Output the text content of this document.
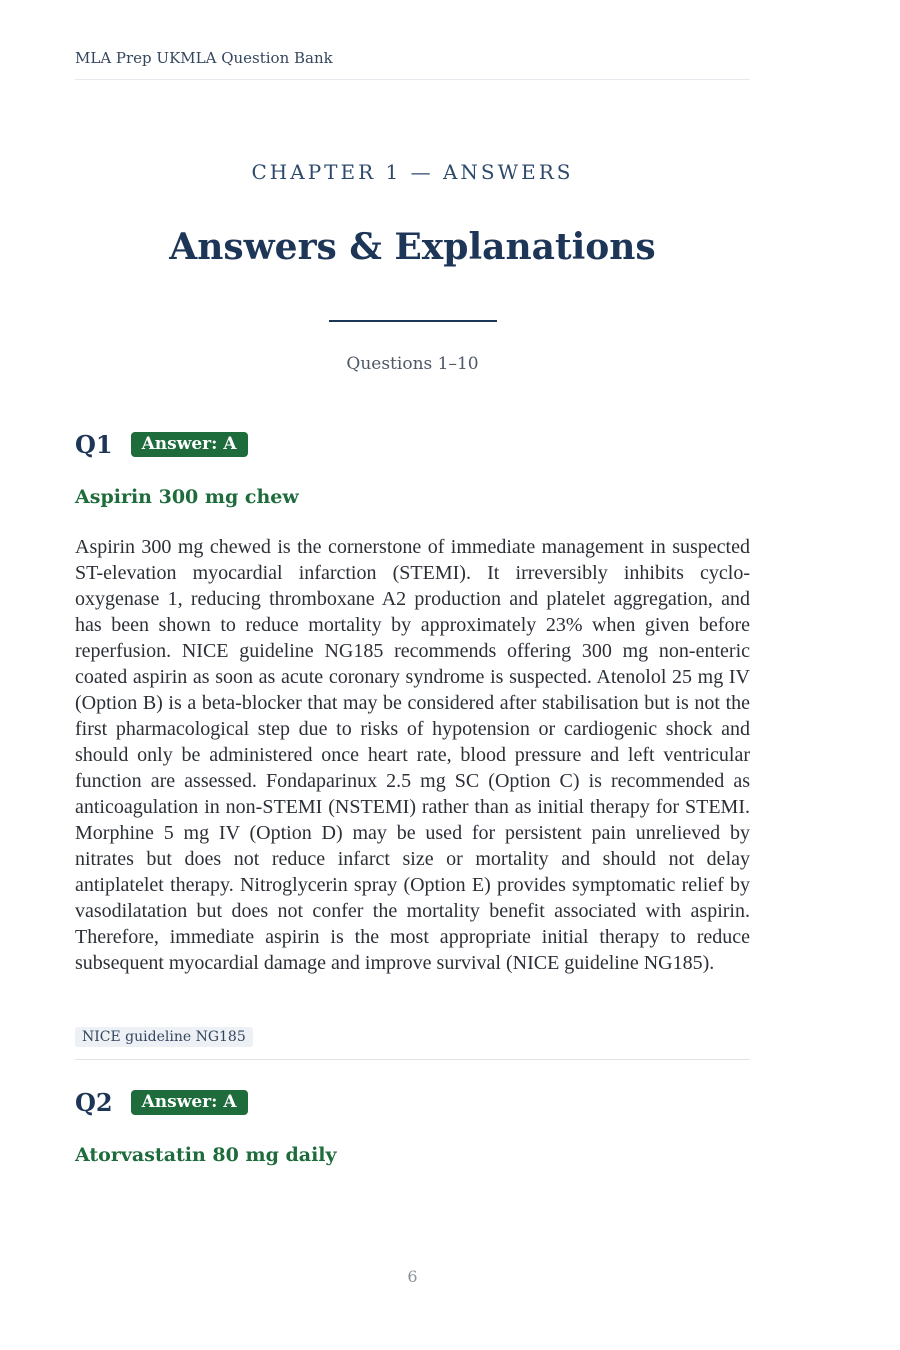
MLA Prep UKMLA Question Bank
CHAPTER 1 — ANSWERS
Answers & Explanations
Questions 1–10
Q1	Answer: A
Aspirin 300 mg chew

Aspirin 300 mg chewed is the cornerstone of immediate management in suspected ST-elevation myocardial infarction (STEMI). It irreversibly inhibits cyclo-oxygenase 1, reducing thromboxane A2 production and platelet aggregation, and has been shown to reduce mortality by approximately 23% when given before reperfusion. NICE guideline NG185 recommends offering 300 mg non-enteric coated aspirin as soon as acute coronary syndrome is suspected. Atenolol 25 mg IV (Option B) is a beta-blocker that may be considered after stabilisation but is not the first pharmacological step due to risks of hypotension or cardiogenic shock and should only be administered once heart rate, blood pressure and left ventricular function are assessed. Fondaparinux 2.5 mg SC (Option C) is recommended as anticoagulation in non-STEMI (NSTEMI) rather than as initial therapy for STEMI. Morphine 5 mg IV (Option D) may be used for persistent pain unrelieved by nitrates but does not reduce infarct size or mortality and should not delay antiplatelet therapy. Nitroglycerin spray (Option E) provides symptomatic relief by vasodilatation but does not confer the mortality benefit associated with aspirin. Therefore, immediate aspirin is the most appropriate initial therapy to reduce subsequent myocardial damage and improve survival (NICE guideline NG185).

NICE guideline NG185
Q2	Answer: A
Atorvastatin 80 mg daily
6
